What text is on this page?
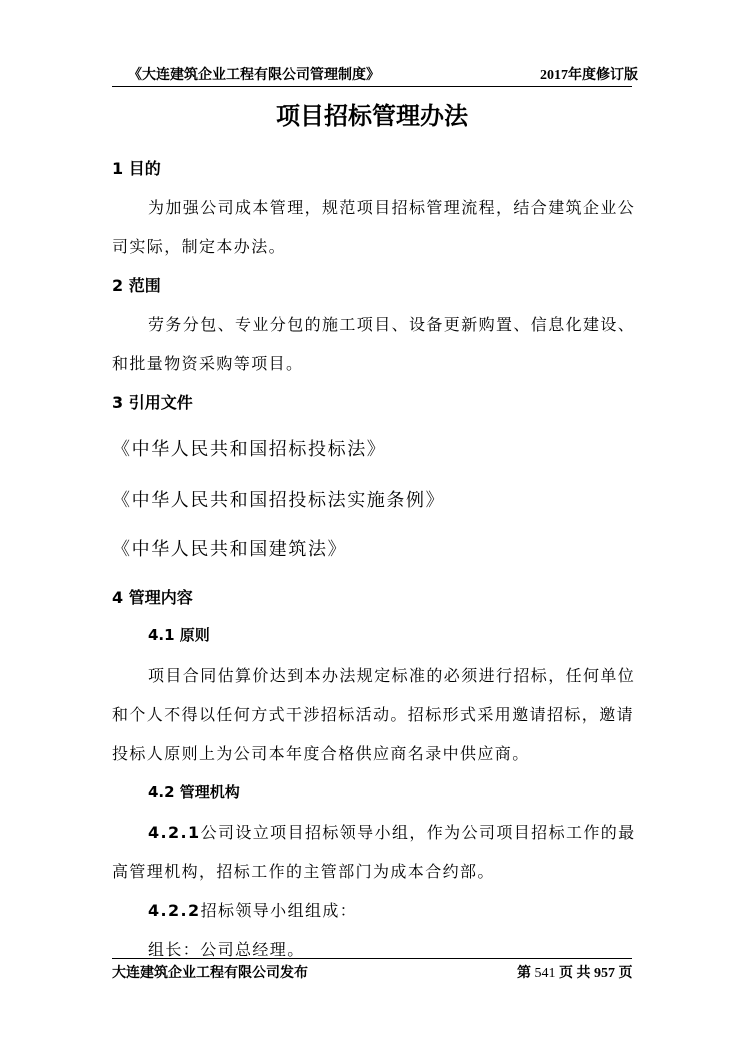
《大连建筑企业工程有限公司管理制度》	2017年度修订版
项目招标管理办法
1 目的
为加强公司成本管理，规范项目招标管理流程，结合建筑企业公
司实际，制定本办法。
2 范围
劳务分包、专业分包的施工项目、设备更新购置、信息化建设、
和批量物资采购等项目。
3 引用文件
《中华人民共和国招标投标法》
《中华人民共和国招投标法实施条例》
《中华人民共和国建筑法》
4 管理内容
4.1 原则
项目合同估算价达到本办法规定标准的必须进行招标，任何单位
和个人不得以任何方式干涉招标活动。招标形式采用邀请招标，邀请
投标人原则上为公司本年度合格供应商名录中供应商。
4.2 管理机构
4.2.1公司设立项目招标领导小组，作为公司项目招标工作的最
高管理机构，招标工作的主管部门为成本合约部。
4.2.2招标领导小组组成：
组长：公司总经理。
大连建筑企业工程有限公司发布	第 541 页 共 957 页
